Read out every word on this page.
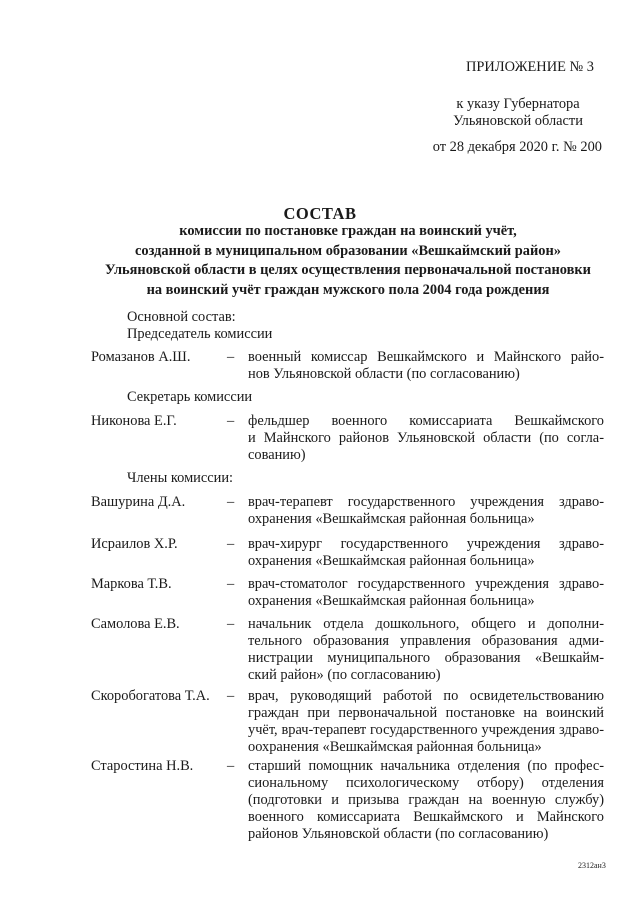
ПРИЛОЖЕНИЕ № 3
к указу Губернатора
Ульяновской области
от 28 декабря 2020 г. № 200
СОСТАВ
комиссии по постановке граждан на воинский учёт,
созданной в муниципальном образовании «Вешкаймский район»
Ульяновской области в целях осуществления первоначальной постановки
на воинский учёт граждан мужского пола 2004 года рождения
Основной состав:
Председатель комиссии
Ромазанов А.Ш.	– военный комиссар Вешкаймского и Майнского райо-
нов Ульяновской области (по согласованию)
Секретарь комиссии
Никонова Е.Г.	– фельдшер военного комиссариата Вешкаймского
и Майнского районов Ульяновской области (по согла-
сованию)
Члены комиссии:
Вашурина Д.А.	– врач-терапевт государственного учреждения здраво-
охранения «Вешкаймская районная больница»
Исраилов Х.Р.	– врач-хирург государственного учреждения здраво-
охранения «Вешкаймская районная больница»
Маркова Т.В.	– врач-стоматолог государственного учреждения здраво-
охранения «Вешкаймская районная больница»
Самолова Е.В.	– начальник отдела дошкольного, общего и дополни-
тельного образования управления образования адми-
нистрации муниципального образования «Вешкайм-
ский район» (по согласованию)
Скоробогатова Т.А. – врач, руководящий работой по освидетельствованию
граждан при первоначальной постановке на воинский
учёт, врач-терапевт государственного учреждения здраво-
оохранения «Вешкаймская районная больница»
Старостина Н.В. – старший помощник начальника отделения (по профес-
сиональному психологическому отбору) отделения
(подготовки и призыва граждан на военную службу)
военного комиссариата Вешкаймского и Майнского
районов Ульяновской области (по согласованию)
2312ан3
